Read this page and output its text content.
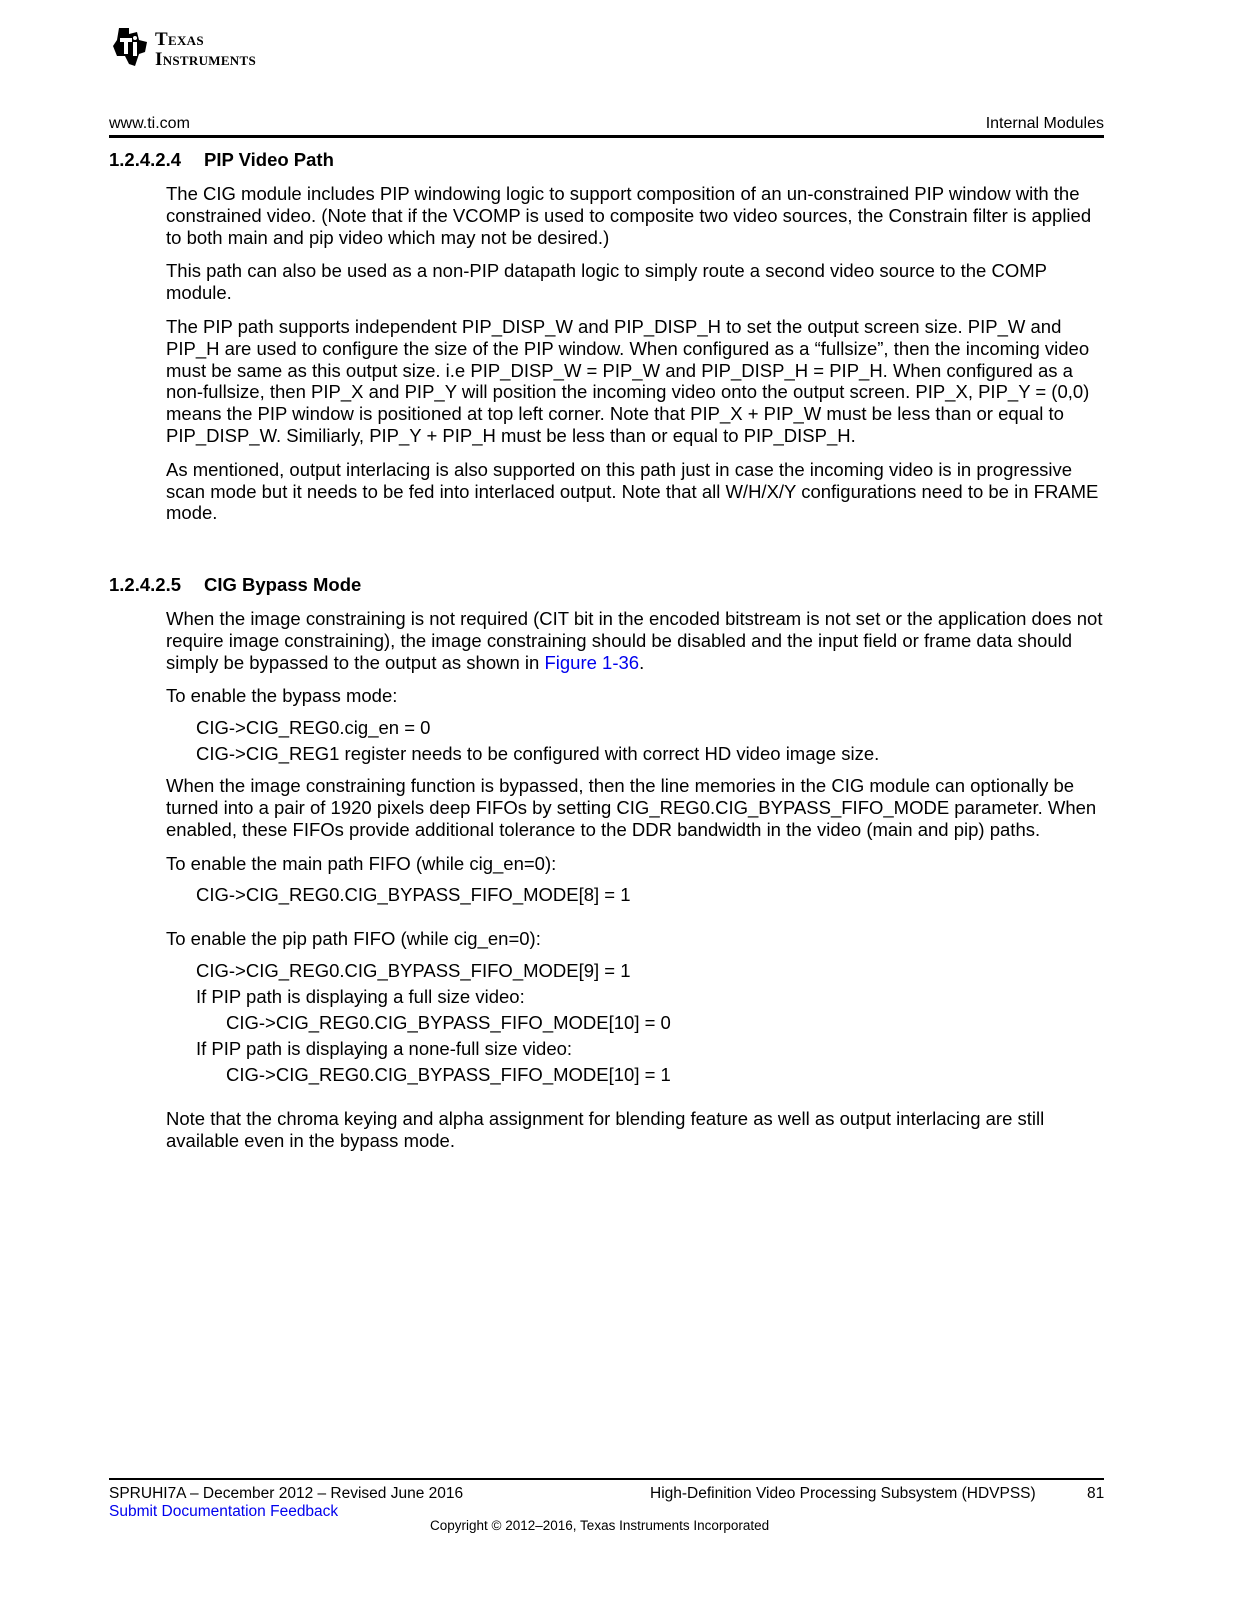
Texas
Instruments
www.ti.com	Internal Modules
1.2.4.2.4 PIP Video Path

The CIG module includes PIP windowing logic to support composition of an un-constrained PIP window with the constrained video. (Note that if the VCOMP is used to composite two video sources, the Constrain filter is applied to both main and pip video which may not be desired.)

This path can also be used as a non-PIP datapath logic to simply route a second video source to the COMP module.

The PIP path supports independent PIP_DISP_W and PIP_DISP_H to set the output screen size. PIP_W and PIP_H are used to configure the size of the PIP window. When configured as a “fullsize”, then the incoming video must be same as this output size. i.e PIP_DISP_W = PIP_W and PIP_DISP_H = PIP_H. When configured as a non-fullsize, then PIP_X and PIP_Y will position the incoming video onto the output screen. PIP_X, PIP_Y = (0,0) means the PIP window is positioned at top left corner. Note that PIP_X + PIP_W must be less than or equal to PIP_DISP_W. Similiarly, PIP_Y + PIP_H must be less than or equal to PIP_DISP_H.

As mentioned, output interlacing is also supported on this path just in case the incoming video is in progressive scan mode but it needs to be fed into interlaced output. Note that all W/H/X/Y configurations need to be in FRAME mode.

1.2.4.2.5 CIG Bypass Mode

When the image constraining is not required (CIT bit in the encoded bitstream is not set or the application does not require image constraining), the image constraining should be disabled and the input field or frame data should simply be bypassed to the output as shown in Figure 1-36.

To enable the bypass mode:

CIG->CIG_REG0.cig_en = 0

CIG->CIG_REG1 register needs to be configured with correct HD video image size.

When the image constraining function is bypassed, then the line memories in the CIG module can optionally be turned into a pair of 1920 pixels deep FIFOs by setting CIG_REG0.CIG_BYPASS_FIFO_MODE parameter. When enabled, these FIFOs provide additional tolerance to the DDR bandwidth in the video (main and pip) paths.

To enable the main path FIFO (while cig_en=0):

CIG->CIG_REG0.CIG_BYPASS_FIFO_MODE[8] = 1

To enable the pip path FIFO (while cig_en=0):

CIG->CIG_REG0.CIG_BYPASS_FIFO_MODE[9] = 1

If PIP path is displaying a full size video:

CIG->CIG_REG0.CIG_BYPASS_FIFO_MODE[10] = 0

If PIP path is displaying a none-full size video:

CIG->CIG_REG0.CIG_BYPASS_FIFO_MODE[10] = 1

Note that the chroma keying and alpha assignment for blending feature as well as output interlacing are still available even in the bypass mode.

SPRUHI7A – December 2012 – Revised June 2016
Submit Documentation Feedback
High-Definition Video Processing Subsystem (HDVPSS)	81
Copyright © 2012–2016, Texas Instruments Incorporated
